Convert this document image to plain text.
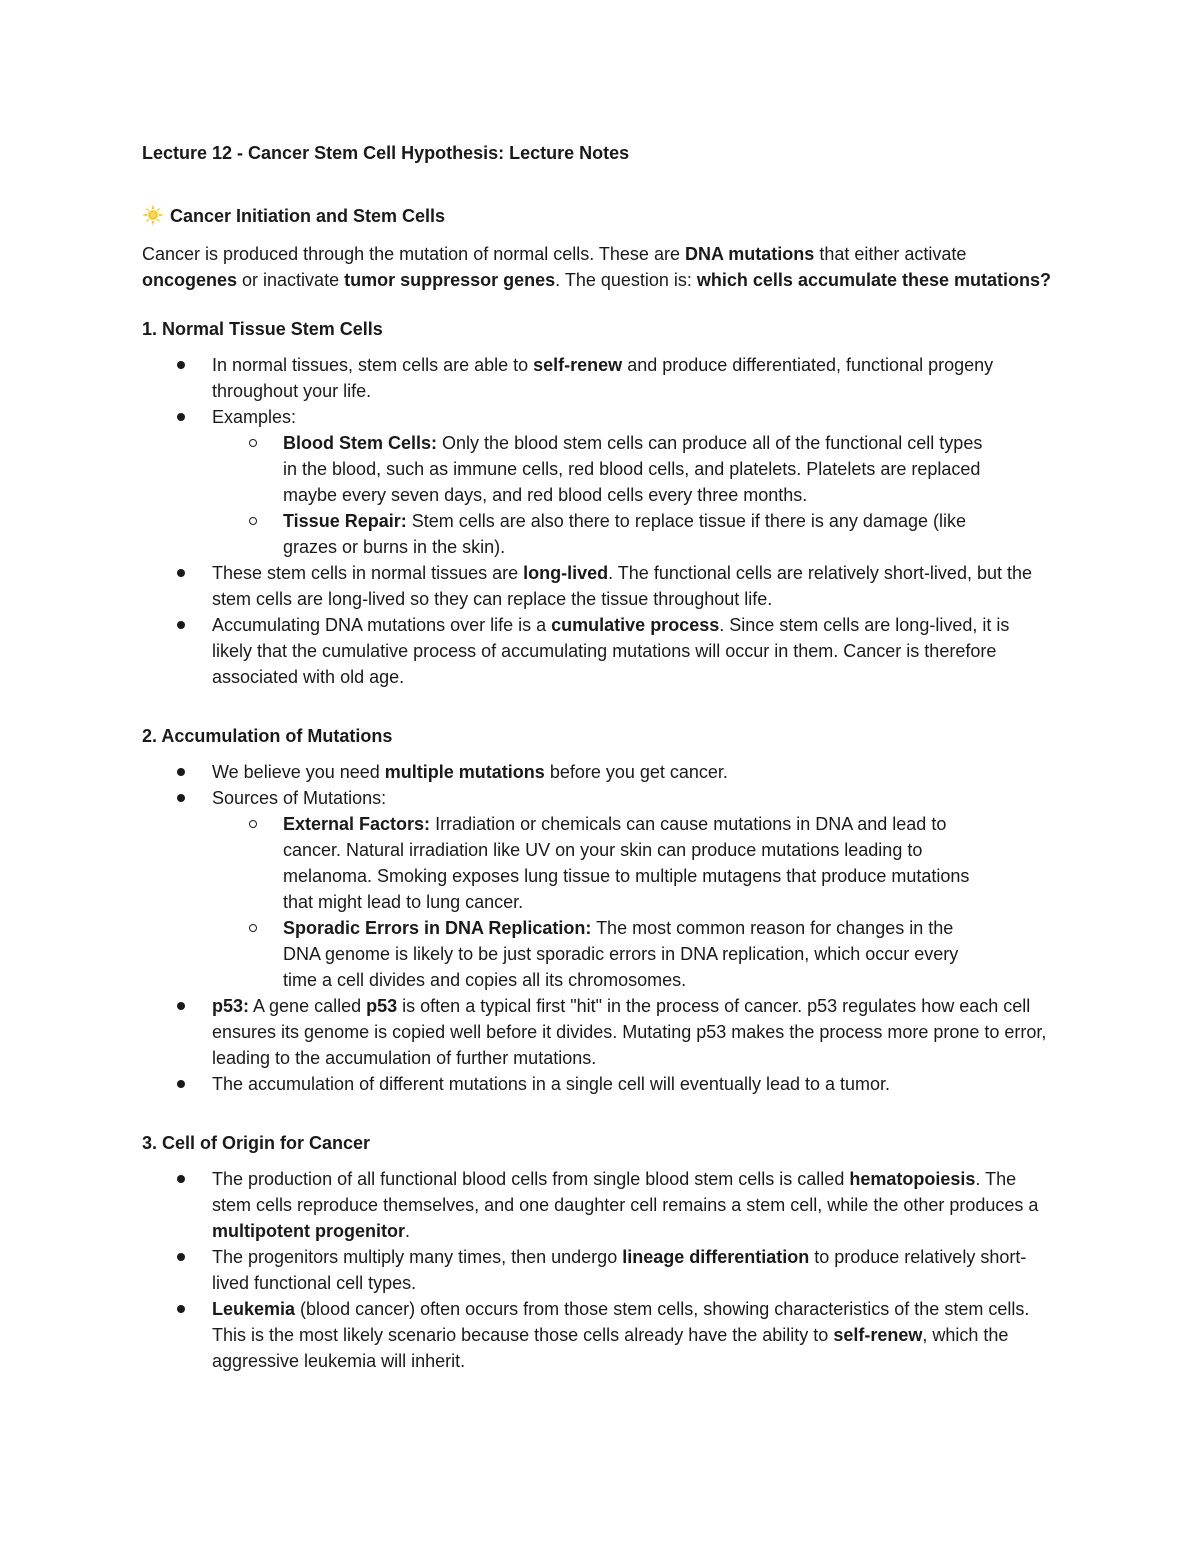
Lecture 12 - Cancer Stem Cell Hypothesis: Lecture Notes
Cancer Initiation and Stem Cells

Cancer is produced through the mutation of normal cells. These are DNA mutations that either activate oncogenes or inactivate tumor suppressor genes. The question is: which cells accumulate these mutations?

1. Normal Tissue Stem Cells
In normal tissues, stem cells are able to self-renew and produce differentiated, functional progeny throughout your life.
Examples:
Blood Stem Cells: Only the blood stem cells can produce all of the functional cell types in the blood, such as immune cells, red blood cells, and platelets. Platelets are replaced maybe every seven days, and red blood cells every three months.
Tissue Repair: Stem cells are also there to replace tissue if there is any damage (like grazes or burns in the skin).
These stem cells in normal tissues are long-lived. The functional cells are relatively short-lived, but the stem cells are long-lived so they can replace the tissue throughout life.
Accumulating DNA mutations over life is a cumulative process. Since stem cells are long-lived, it is likely that the cumulative process of accumulating mutations will occur in them. Cancer is therefore associated with old age.
2. Accumulation of Mutations
We believe you need multiple mutations before you get cancer.
Sources of Mutations:
External Factors: Irradiation or chemicals can cause mutations in DNA and lead to cancer. Natural irradiation like UV on your skin can produce mutations leading to melanoma. Smoking exposes lung tissue to multiple mutagens that produce mutations that might lead to lung cancer.
Sporadic Errors in DNA Replication: The most common reason for changes in the DNA genome is likely to be just sporadic errors in DNA replication, which occur every time a cell divides and copies all its chromosomes.
p53: A gene called p53 is often a typical first "hit" in the process of cancer. p53 regulates how each cell ensures its genome is copied well before it divides. Mutating p53 makes the process more prone to error, leading to the accumulation of further mutations.
The accumulation of different mutations in a single cell will eventually lead to a tumor.
3. Cell of Origin for Cancer
The production of all functional blood cells from single blood stem cells is called hematopoiesis. The stem cells reproduce themselves, and one daughter cell remains a stem cell, while the other produces a multipotent progenitor.
The progenitors multiply many times, then undergo lineage differentiation to produce relatively short-lived functional cell types.
Leukemia (blood cancer) often occurs from those stem cells, showing characteristics of the stem cells. This is the most likely scenario because those cells already have the ability to self-renew, which the aggressive leukemia will inherit.
